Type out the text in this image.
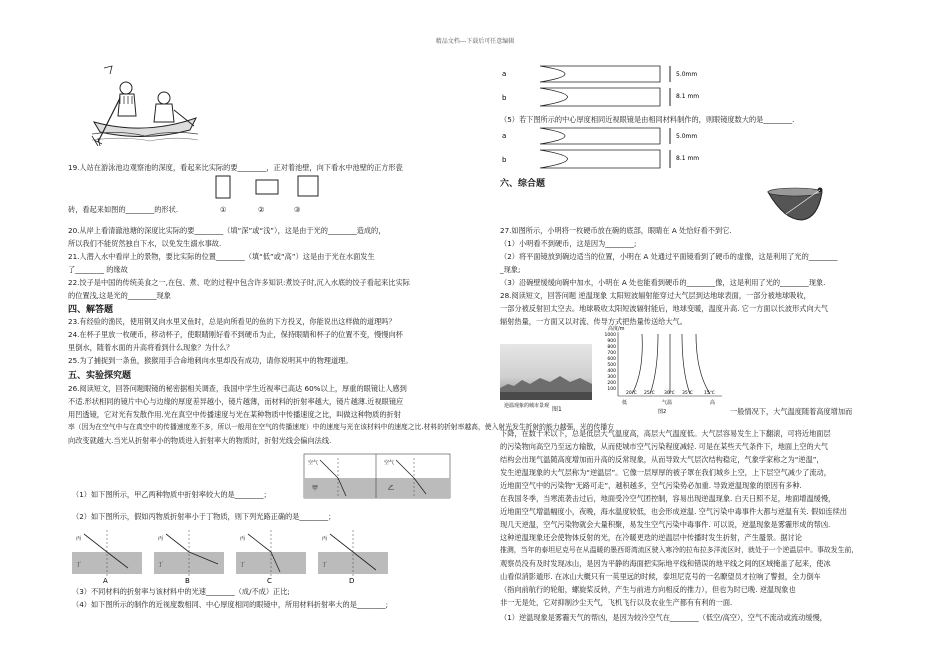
精品文档---下载后可任意编辑
19.人站在游泳池边观察池的深度，看起来比实际的要________，正对着池壁，向下看水中池壁的正方形瓷
砖，看起来如图的________的形状.	①	②	③
20.从岸上看清澈池塘的深度比实际的要________（填“深”或“浅”），这是由于光的________造成的，
所以我们不能贸然独自下水，以免发生溺水事故.
21.人潜入水中看岸上的景物，要比实际的位置________（填“低”或“高”）这是由于光在水面发生
了________ 的缘故
22.饺子是中国的传统美食之一,在包、煮、吃的过程中包含许多知识:煮饺子时,沉入水底的饺子看起来比实际
的位置浅,这是光的________现象
四、解答题
23.有经验的渔民，使用钢叉向水里叉鱼时，总是向所看见的鱼的下方投叉，你能说出这样做的道理吗？
24.在杯子里放一枚硬币，移动杯子，使眼睛刚好看不到硬币为止，保持眼睛和杯子的位置不变，慢慢向杯
里倒水，随着水面的升高将看到什么现象？为什么？
25.为了捕捉到一条鱼，猴猴用手合命地刺向水里却没有成功，请你说明其中的物理道理。
五、实验探究题
26.阅读短文，回答问题眼镜的秘密据相关调查，我国中学生近视率已高达 60%以上，厚重的眼镜让人感到
不适.形状相同的镜片中心与边缘的厚度差异越小，镜片越薄，而材料的折射率越大，镜片越薄.近视眼镜应
用凹透镜，它对光有发散作用.光在真空中传播速度与光在某种物质中传播速度之比，叫做这种物质的折射
率（因为在空气中与在真空中的传播速度差不多，所以一般用在空气的传播速度）中的速度与光在该材料中的速度之比.材料的折射率越高，使入射光发生折射的能力越强，光的传播方
向改变就越大.当光从折射率小的物质进入折射率大的物质时，折射光线会偏向法线.
空气	空气
甲	乙
（1）如下图所示，甲乙两种物质中折射率较大的是________；
（2）如下图所示，假如丙物质折射率小于丁物质，则下列光路正确的是________；
丙
丁
A
丙
丁
B
丙
丁
C
丙
丁
D
（3）不同材料的折射率与该材料中的光速________（成/不成）正比;
（4）如下图所示的制作的近视度数相同、中心厚度相同的眼镜中，所用材料折射率大的是________;
a	5.0mm
b	8.1 mm
（5）若下图所示的中心厚度相同近视眼镜是由相同材料制作的，则眼镜度数大的是________.
a	5.0mm
b	8.1 mm
六、综合题
27.如图所示，小明将一枚硬币放在碗的底部，眼睛在 A 处恰好看不到它.
（1）小明看不到硬币，这是因为________;
（2）将平面镜放到碗边适当的位置，小明在 A 处通过平面镜看到了硬币的虚像，这是利用了光的________
_现象;
（3）沿碗壁缓缓向碗中加水，小明在 A 处也能看到硬币的________像，这是利用了光的________现象.
28.阅读短文，回答问题 逆温现象 太阳短波辐射能穿过大气层到达地球表面，一部分被地球吸收，
一部分被反射回太空去。地球吸收太阳短波辐射能后，地球变暖，温度升高. 它一方面以长波形式向大气
辐射热量，一方面又以对流、传导方式把热量传送给大气。
逆温现象的城市景观 图1
高度/m
1000
900
800
700
600
500
400
300
200
100
20℃ 25℃ 30℃ 35℃ 15℃
低	气温	高
图2	一般情况下，大气温度随着高度增加而
下降，在数千米以下，总是低层大气温度高，高层大气温度低。大气层容易发生上下翻滚，可将近地面层
的污染物向高空乃至远方输散，从而使城市空气污染程度减轻. 可是在某些天气条件下，地面上空的大气
结构会出现气温随高度增加而升高的反常现象，从而导致大气层次结构稳定，气象学家称之为“逆温”，
发生逆温现象的大气层称为“逆温层”。它像一层厚厚的被子罩在我们城乡上空，上下层空气减少了流动，
近地面空气中的污染物“无路可走”，越积越多，空气污染势必加重. 导致逆温现象的原因有多种.
在我国冬季，当寒流袭击过后，地面受冷空气团控制，容易出现逆温现象. 白天日照不足，地面增温缓慢，
近地面空气增温幅度小，夜晚，海水温度较低，也会形成逆温. 空气污染中毒事件大都与逆温有关. 假如连续出
现几天逆温，空气污染物就会大量积聚，易发生空气污染中毒事件. 可以说，逆温现象是雾霾形成的帮凶.
这种逆温现象还会使物体反射的光，在冷暖更迭的逆温层中传播时发生折射，产生蜃景。据讨论
推测，当年的泰坦尼克号在从温暖的墨西哥湾流区驶入寒冷的拉布拉多洋流区时，就处于一个逆温层中。事故发生前，
观察员没有及时发现冰山，是因为平静的海面把实际地平线和错误的地平线之间的区域掩盖了起来，使冰
山看似消影遁形. 在冰山大概只有一英里远的时候，泰坦尼克号的一名瞭望员才拉响了警报，全力倒车
（指向前航行的轮船，螺旋桨反转，产生与前进方向相反的推力），但也为时已晚. 逆温现象也
非一无是处，它对抑制沙尘天气，飞机飞行以及农业生产都有有利的一面.
（1）逆温现象是雾霾天气的帮凶，是因为较冷空气在________（低空/高空），空气不流动或流动缓慢，
